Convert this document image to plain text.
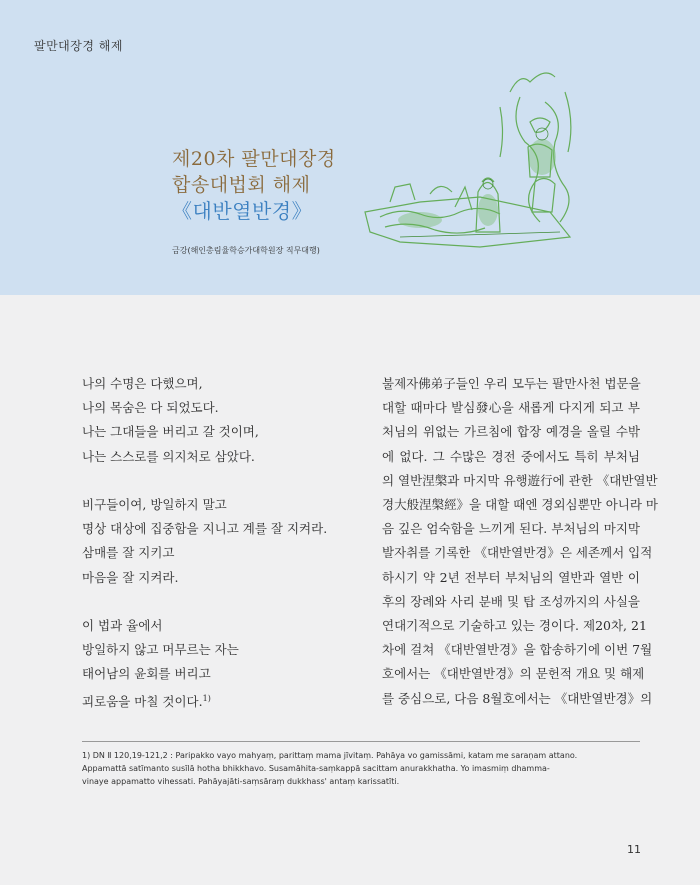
팔만대장경 해제
제20차 팔만대장경
합송대법회 해제
《대반열반경》
금강(해인총림율학승가대학원장 직무대행)
나의 수명은 다했으며,
나의 목숨은 다 되었도다.
나는 그대들을 버리고 갈 것이며,
나는 스스로를 의지처로 삼았다.
비구들이여, 방일하지 말고
명상 대상에 집중함을 지니고 계를 잘 지켜라.
삼매를 잘 지키고
마음을 잘 지켜라.
이 법과 율에서
방일하지 않고 머무르는 자는
태어남의 윤회를 버리고
괴로움을 마칠 것이다.$^{1)}$
불제자佛弟子들인 우리 모두는 팔만사천 법문을
대할 때마다 발심發心을 새롭게 다지게 되고 부
처님의 위없는 가르침에 합장 예경을 올릴 수밖
에 없다. 그 수많은 경전 중에서도 특히 부처님
의 열반涅槃과 마지막 유행遊行에 관한 《대반열반
경大般涅槃經》을 대할 때엔 경외심뿐만 아니라 마
음 깊은 엄숙함을 느끼게 된다. 부처님의 마지막
발자취를 기록한 《대반열반경》은 세존께서 입적
하시기 약 2년 전부터 부처님의 열반과 열반 이
후의 장례와 사리 분배 및 탑 조성까지의 사실을
연대기적으로 기술하고 있는 경이다. 제20차, 21
차에 걸쳐 《대반열반경》을 합송하기에 이번 7월
호에서는 《대반열반경》의 문헌적 개요 및 해제
를 중심으로, 다음 8월호에서는 《대반열반경》의
1) DN Ⅱ 120,19-121,2 : Paripakko vayo mahyaṃ, parittaṃ mama jīvitaṃ. Pahāya vo gamissāmi, katam me saraṇam attano.
Appamattā satīmanto susīlā hotha bhikkhavo. Susamāhita-saṃkappā sacittam anurakkhatha. Yo imasmiṃ dhamma-
vinaye appamatto vihessati. Pahāyajāti-saṃsāraṃ dukkhass' antaṃ karissatīti.
11
